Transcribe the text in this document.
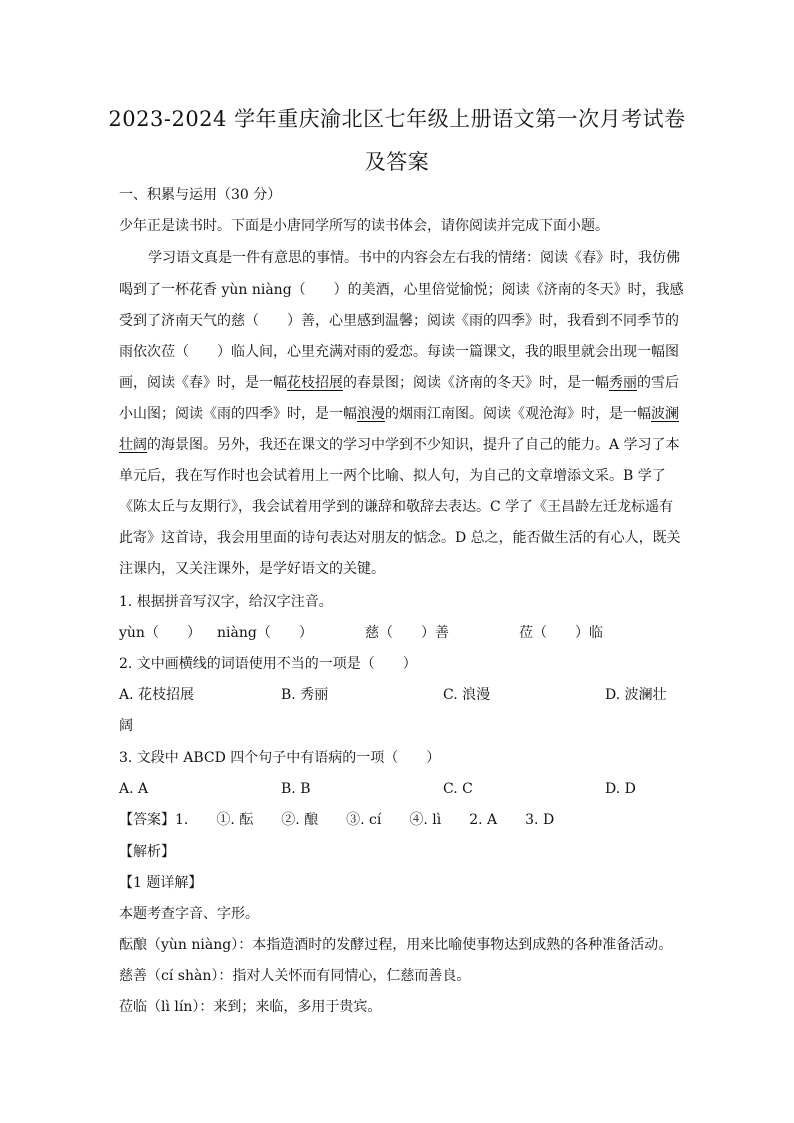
2023-2024 学年重庆渝北区七年级上册语文第一次月考试卷
及答案
一、积累与运用（30 分）
少年正是读书时。下面是小唐同学所写的读书体会，请你阅读并完成下面小题。
学习语文真是一件有意思的事情。书中的内容会左右我的情绪：阅读《春》时，我仿佛
喝到了一杯花香 yùn niàng（　　）的美酒，心里倍觉愉悦；阅读《济南的冬天》时，我感
受到了济南天气的慈（　　）善，心里感到温馨；阅读《雨的四季》时，我看到不同季节的
雨依次莅（　　）临人间，心里充满对雨的爱恋。每读一篇课文，我的眼里就会出现一幅图
画，阅读《春》时，是一幅花枝招展的春景图；阅读《济南的冬天》时，是一幅秀丽的雪后
小山图；阅读《雨的四季》时，是一幅浪漫的烟雨江南图。阅读《观沧海》时，是一幅波澜
壮阔的海景图。另外，我还在课文的学习中学到不少知识，提升了自己的能力。A 学习了本
单元后，我在写作时也会试着用上一两个比喻、拟人句，为自己的文章增添文采。B 学了
《陈太丘与友期行》，我会试着用学到的谦辞和敬辞去表达。C 学了《王昌龄左迁龙标遥有
此寄》这首诗，我会用里面的诗句表达对朋友的惦念。D 总之，能否做生活的有心人，既关
注课内，又关注课外，是学好语文的关键。
1. 根据拼音写汉字，给汉字注音。
yùn（　　） niàng（　　）	慈（　　）善	莅（　　）临
2. 文中画横线的词语使用不当的一项是（　　）
A. 花枝招展	B. 秀丽	C. 浪漫	D. 波澜壮
阔
3. 文段中 ABCD 四个句子中有语病的一项（　　）
A. A	B. B	C. C	D. D
【答案】1.　　①. 酝　　②. 酿　　③. cí　　④. lì　　2. A　　3. D
【解析】
【1 题详解】
本题考查字音、字形。
酝酿（yùn niàng）：本指造酒时的发酵过程，用来比喻使事物达到成熟的各种准备活动。
慈善（cí shàn）：指对人关怀而有同情心，仁慈而善良。
莅临（lì lín）：来到；来临，多用于贵宾。
